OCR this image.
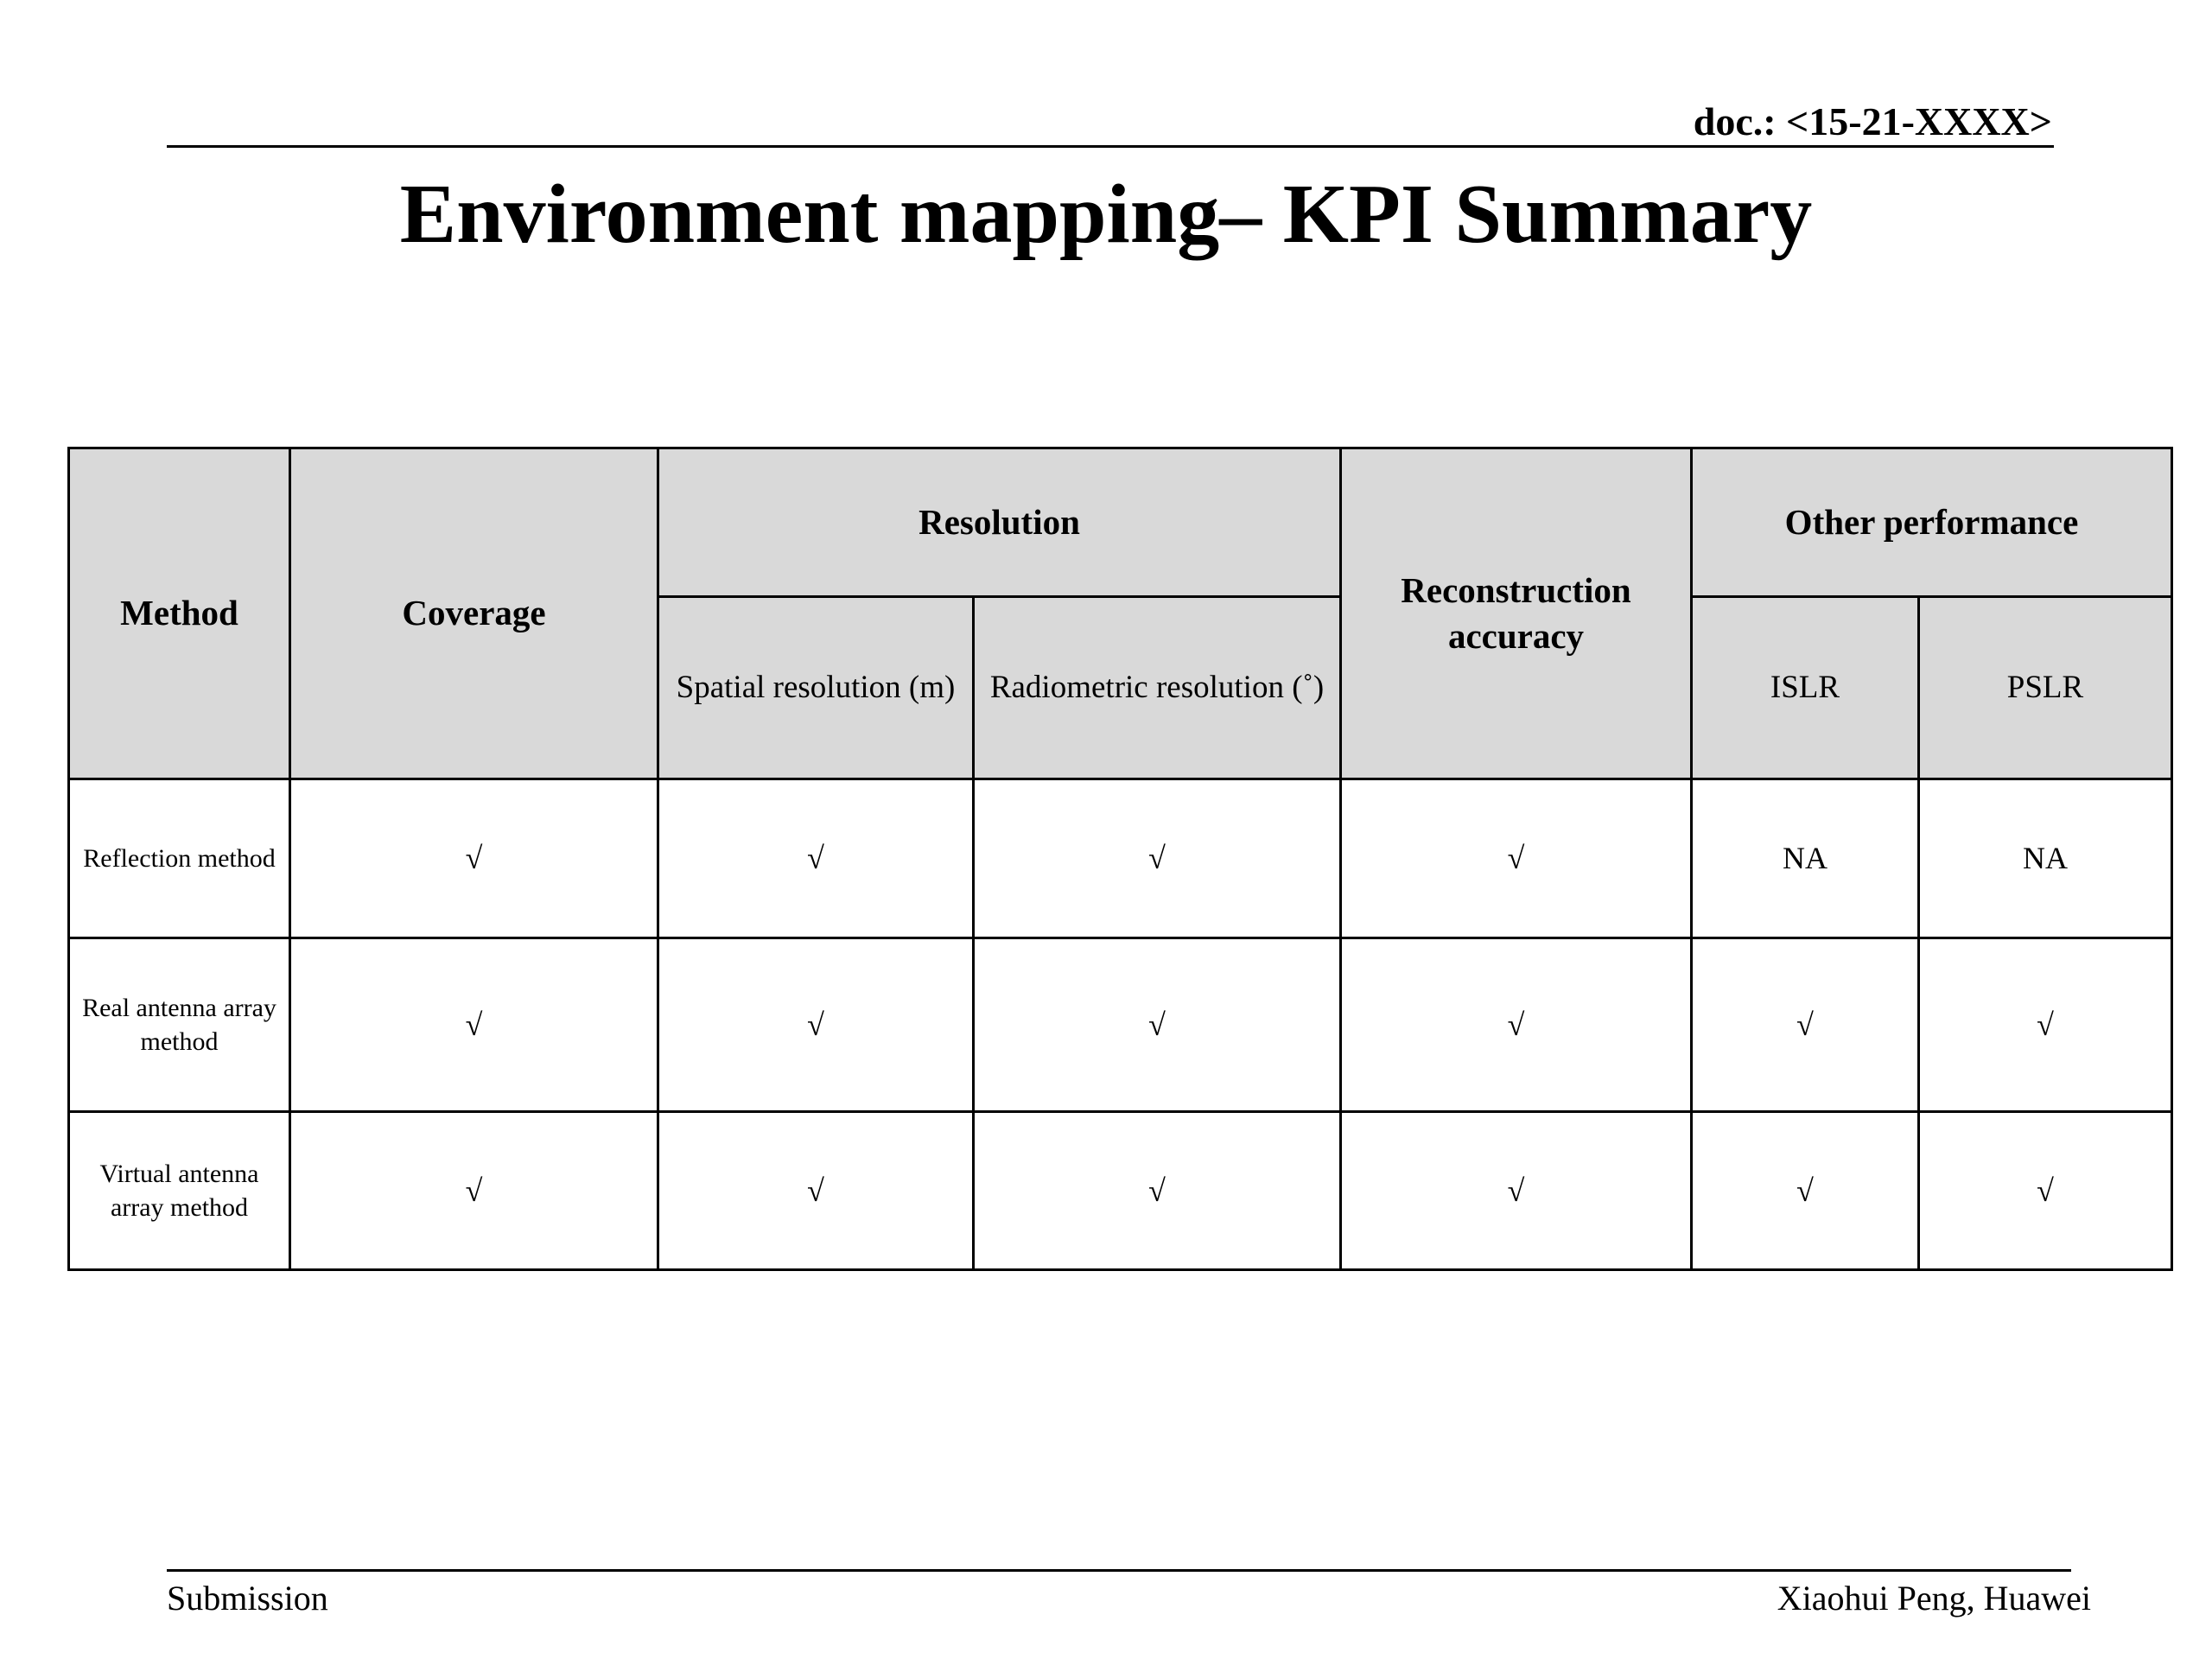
doc.: <15-21-XXXX>
Environment mapping– KPI Summary
Method	Coverage	Resolution		Reconstruction accuracy	Other performance	
		Spatial resolution (m)	Radiometric resolution (˚)		ISLR	PSLR
Reflection method	√	√	√	√	NA	NA
Real antenna array method	√	√	√	√	√	√
Virtual antenna array method	√	√	√	√	√	√
Submission	Xiaohui Peng, Huawei
